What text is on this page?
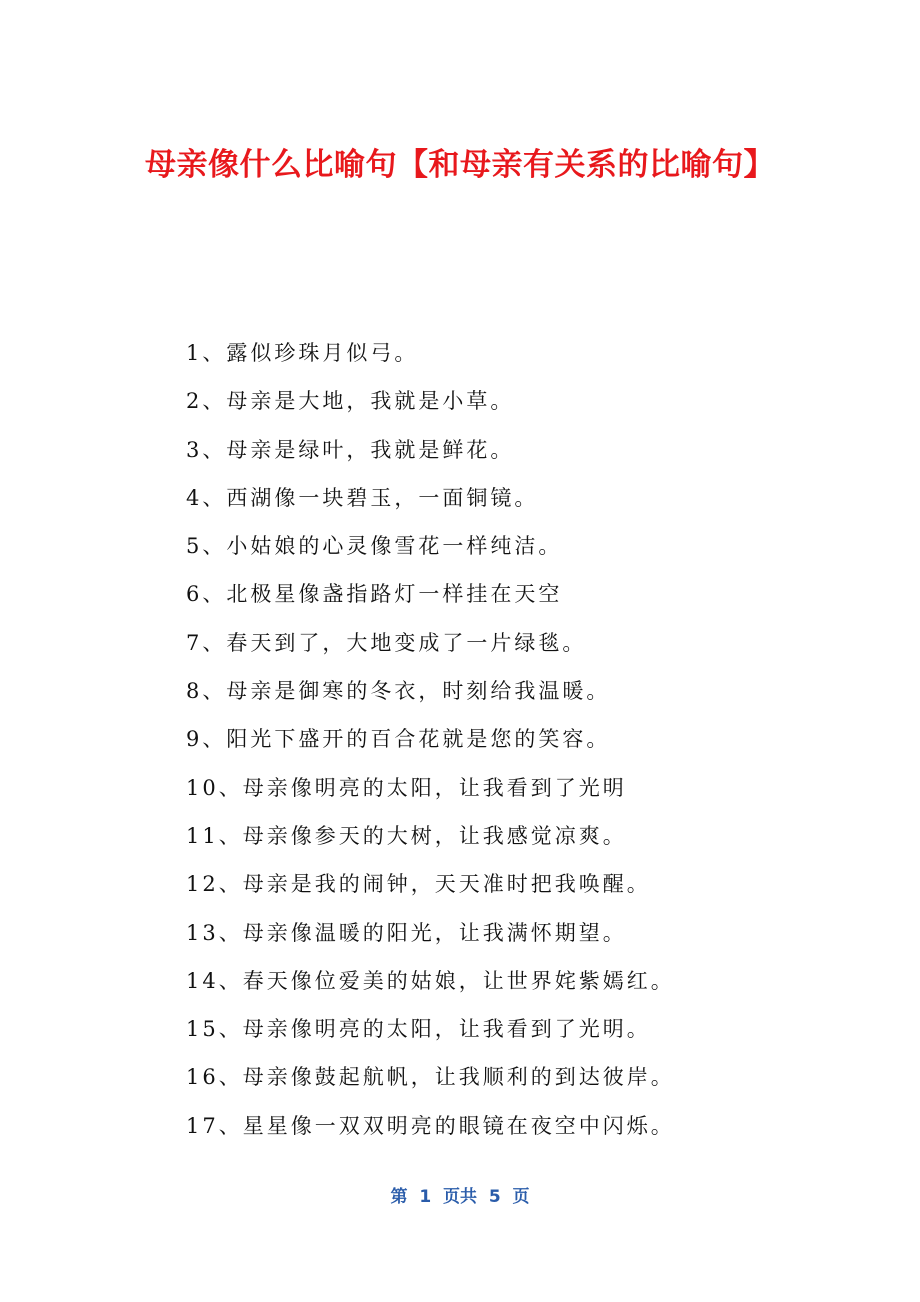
母亲像什么比喻句【和母亲有关系的比喻句】
1、露似珍珠月似弓。
2、母亲是大地，我就是小草。
3、母亲是绿叶，我就是鲜花。
4、西湖像一块碧玉，一面铜镜。
5、小姑娘的心灵像雪花一样纯洁。
6、北极星像盏指路灯一样挂在天空
7、春天到了，大地变成了一片绿毯。
8、母亲是御寒的冬衣，时刻给我温暖。
9、阳光下盛开的百合花就是您的笑容。
10、母亲像明亮的太阳，让我看到了光明
11、母亲像参天的大树，让我感觉凉爽。
12、母亲是我的闹钟，天天准时把我唤醒。
13、母亲像温暖的阳光，让我满怀期望。
14、春天像位爱美的姑娘，让世界姹紫嫣红。
15、母亲像明亮的太阳，让我看到了光明。
16、母亲像鼓起航帆，让我顺利的到达彼岸。
17、星星像一双双明亮的眼镜在夜空中闪烁。
第  1  页共  5  页
